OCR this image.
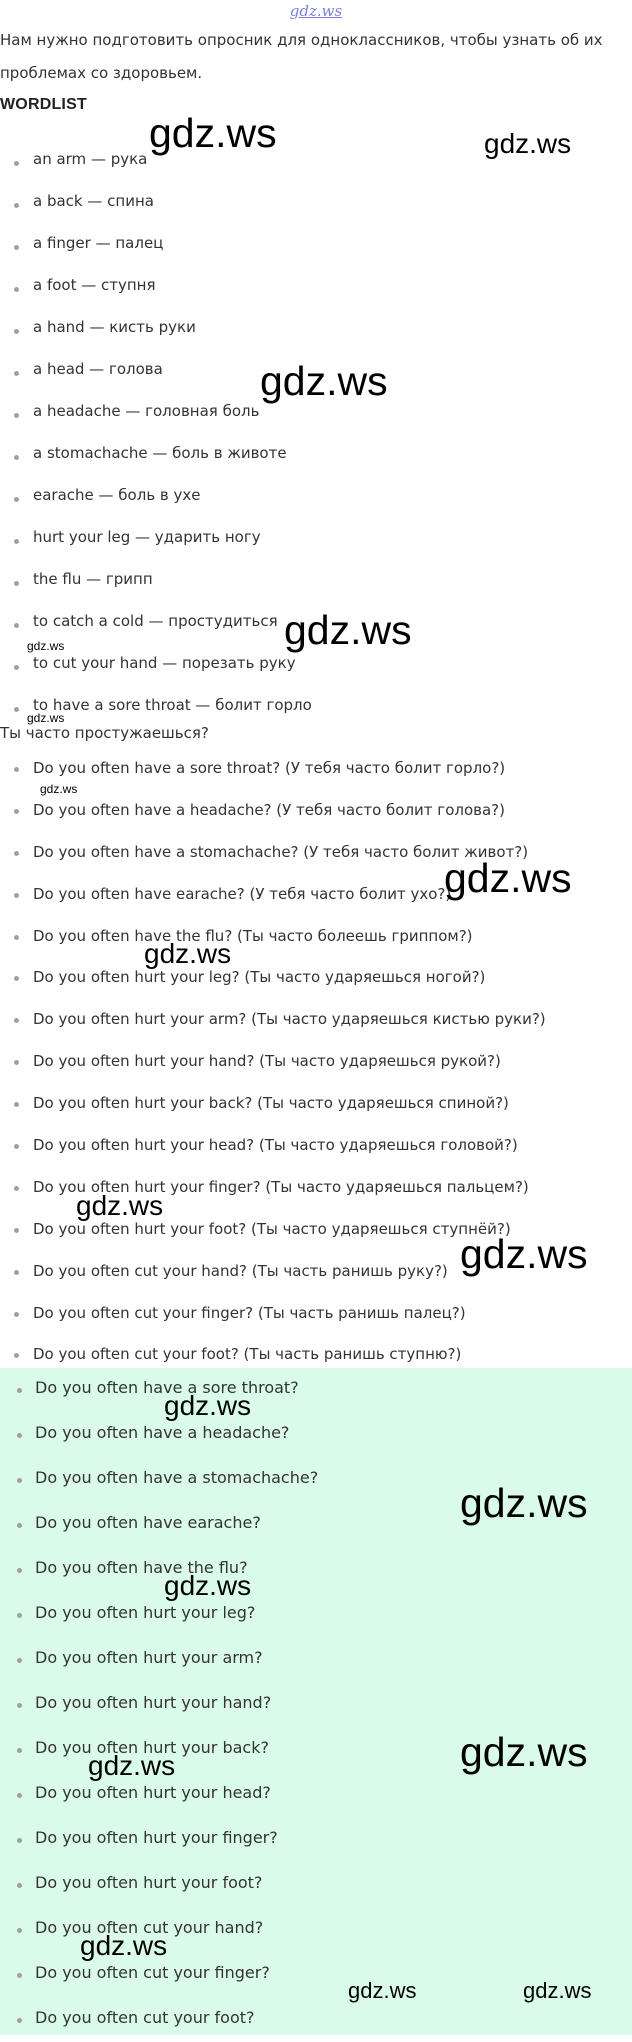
gdz.ws
Нам нужно подготовить опросник для одноклассников, чтобы узнать об их проблемах со здоровьем.
WORDLIST
an arm — рука
a back — спина
a finger — палец
a foot — ступня
a hand — кисть руки
a head — голова
a headache — головная боль
a stomachache — боль в животе
earache — боль в ухе
hurt your leg — ударить ногу
the flu — грипп
to catch a cold — простудиться
to cut your hand — порезать руку
to have a sore throat — болит горло
Ты часто простужаешься?
Do you often have a sore throat? (У тебя часто болит горло?)
Do you often have a headache? (У тебя часто болит голова?)
Do you often have a stomachache? (У тебя часто болит живот?)
Do you often have earache? (У тебя часто болит ухо?)
Do you often have the flu? (Ты часто болеешь гриппом?)
Do you often hurt your leg? (Ты часто ударяешься ногой?)
Do you often hurt your arm? (Ты часто ударяешься кистью руки?)
Do you often hurt your hand? (Ты часто ударяешься рукой?)
Do you often hurt your back? (Ты часто ударяешься спиной?)
Do you often hurt your head? (Ты часто ударяешься головой?)
Do you often hurt your finger? (Ты часто ударяешься пальцем?)
Do you often hurt your foot? (Ты часто ударяешься ступнёй?)
Do you often cut your hand? (Ты часть ранишь руку?)
Do you often cut your finger? (Ты часть ранишь палец?)
Do you often cut your foot? (Ты часть ранишь ступню?)
Do you often have a sore throat?
Do you often have a headache?
Do you often have a stomachache?
Do you often have earache?
Do you often have the flu?
Do you often hurt your leg?
Do you often hurt your arm?
Do you often hurt your hand?
Do you often hurt your back?
Do you often hurt your head?
Do you often hurt your finger?
Do you often hurt your foot?
Do you often cut your hand?
Do you often cut your finger?
Do you often cut your foot?
gdz.ws	gdz.ws
gdz.ws
gdz.ws
gdz.ws
gdz.ws
gdz.ws
gdz.ws
gdz.ws
gdz.ws
gdz.ws
gdz.ws
gdz.ws
gdz.ws
gdz.ws
gdz.ws
gdz.ws
gdz.ws	gdz.ws
